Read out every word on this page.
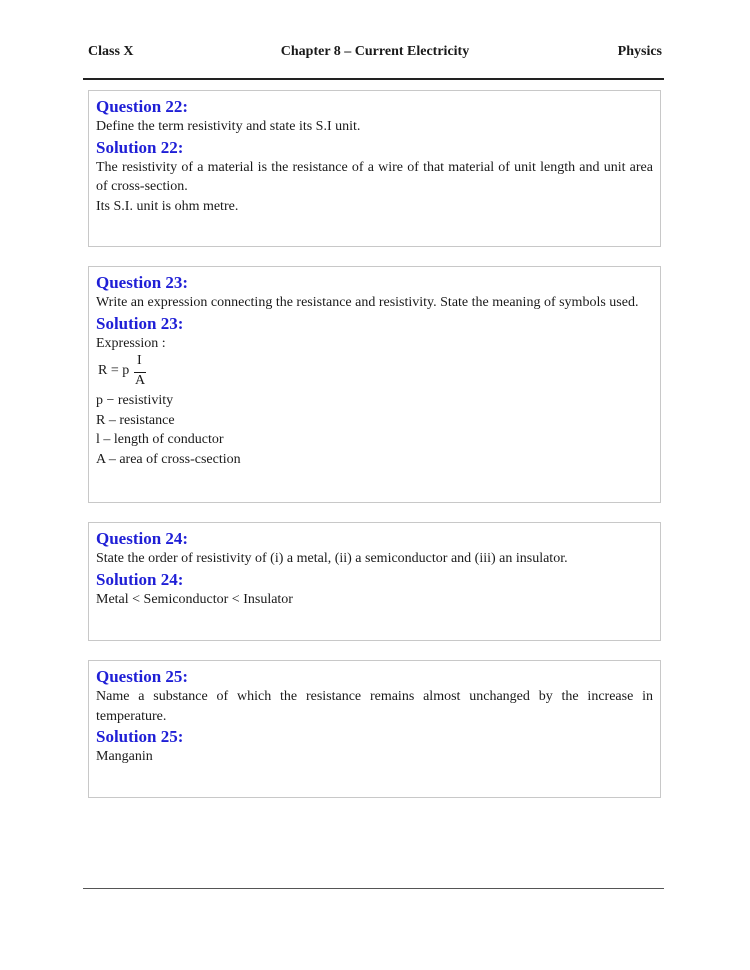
Class X	Chapter 8 – Current Electricity	Physics

Question 22:

Define the term resistivity and state its S.I unit.

Solution 22:

The resistivity of a material is the resistance of a wire of that material of unit length and unit area of cross-section.

Its S.I. unit is ohm metre.

Question 23:

Write an expression connecting the resistance and resistivity. State the meaning of symbols used.

Solution 23:

Expression :

R = p
I
A

p − resistivity

R – resistance

l – length of conductor

A – area of cross-csection

Question 24:

State the order of resistivity of (i) a metal, (ii) a semiconductor and (iii) an insulator.

Solution 24:

Metal < Semiconductor < Insulator

Question 25:

Name a substance of which the resistance remains almost unchanged by the increase in temperature.

Solution 25:

Manganin
